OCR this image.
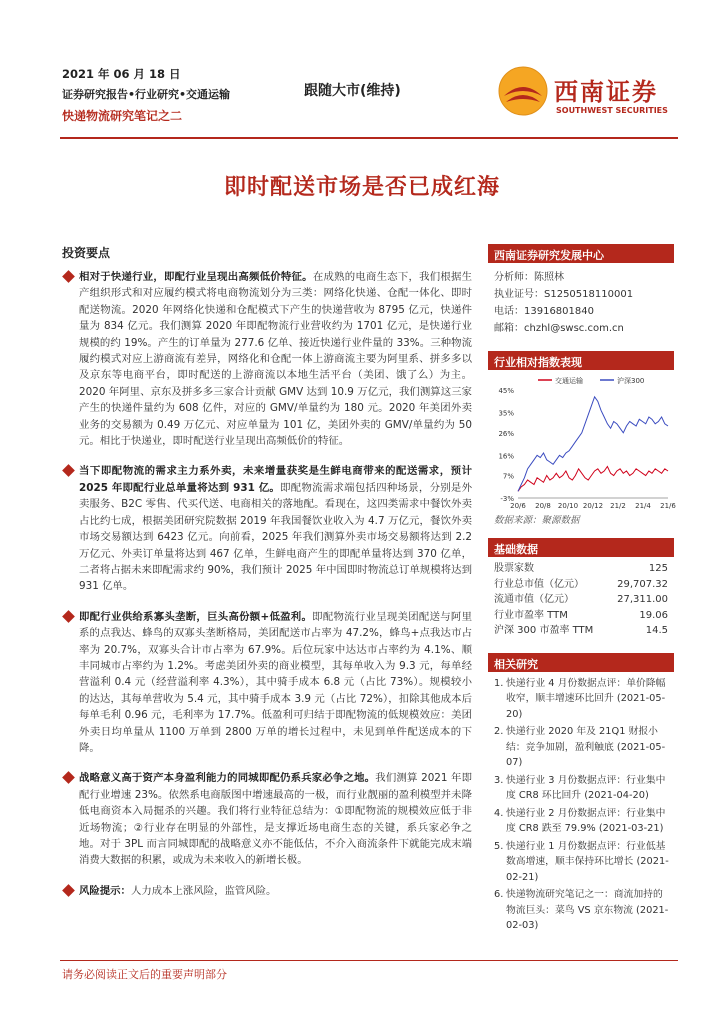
2021 年 06 月 18 日
证券研究报告•行业研究•交通运输
快递物流研究笔记之二
跟随大市(维持)	西南证券
SOUTHWEST SECURITIES
即时配送市场是否已成红海
投资要点
相对于快递行业，即配行业呈现出高频低价特征。在成熟的电商生态下，我们根据生产组织形式和对应履约模式将电商物流划分为三类：网络化快递、仓配一体化、即时配送物流。2020 年网络化快递和仓配模式下产生的快递营收为 8795 亿元，快递件量为 834 亿元。我们测算 2020 年即配物流行业营收约为 1701 亿元，是快递行业规模的约 19%。产生的订单量为 277.6 亿单、接近快递行业件量的 33%。三种物流履约模式对应上游商流有差异，网络化和仓配一体上游商流主要为阿里系、拼多多以及京东等电商平台，即时配送的上游商流以本地生活平台（美团、饿了么）为主。2020 年阿里、京东及拼多多三家合计贡献 GMV 达到 10.9 万亿元，我们测算这三家产生的快递件量约为 608 亿件，对应的 GMV/单量约为 180 元。2020 年美团外卖业务的交易额为 0.49 万亿元、对应单量为 101 亿，美团外卖的 GMV/单量约为 50 元。相比于快递业，即时配送行业呈现出高频低价的特征。
当下即配物流的需求主力系外卖，未来增量获奖是生鲜电商带来的配送需求，预计 2025 年即配行业总单量将达到 931 亿。即配物流需求端包括四种场景，分别是外卖服务、B2C 零售、代买代送、电商相关的落地配。看现在，这四类需求中餐饮外卖占比约七成，根据美团研究院数据 2019 年我国餐饮业收入为 4.7 万亿元，餐饮外卖市场交易额达到 6423 亿元。向前看，2025 年我们测算外卖市场交易额将达到 2.2 万亿元、外卖订单量将达到 467 亿单，生鲜电商产生的即配单量将达到 370 亿单，二者将占据未来即配需求约 90%，我们预计 2025 年中国即时物流总订单规模将达到 931 亿单。
即配行业供给系寡头垄断，巨头高份额+低盈利。即配物流行业呈现美团配送与阿里系的点我达、蜂鸟的双寡头垄断格局，美团配送市占率为 47.2%，蜂鸟+点我达市占率为 20.7%，双寡头合计市占率为 67.9%。后位玩家中达达市占率约为 4.1%、顺丰同城市占率约为 1.2%。考虑美团外卖的商业模型，其每单收入为 9.3 元，每单经营溢利 0.4 元（经营溢利率 4.3%），其中骑手成本 6.8 元（占比 73%）。规模较小的达达，其每单营收为 5.4 元，其中骑手成本 3.9 元（占比 72%），扣除其他成本后每单毛利 0.96 元，毛利率为 17.7%。低盈利可归结于即配物流的低规模效应：美团外卖日均单量从 1100 万单到 2800 万单的增长过程中，未见到单件配送成本的下降。
战略意义高于资产本身盈利能力的同城即配仍系兵家必争之地。我们测算 2021 年即配行业增速 23%。依然系电商版图中增速最高的一极，而行业靓丽的盈利模型并未降低电商资本入局掘杀的兴趣。我们将行业特征总结为：①即配物流的规模效应低于非近场物流；②行业存在明显的外部性，是支撑近场电商生态的关键，系兵家必争之地。对于 3PL 而言同城即配的战略意义亦不能低估，不介入商流条件下就能完成末端消费大数据的积累，或成为未来收入的新增长极。
风险提示：人力成本上涨风险，监管风险。
西南证券研究发展中心
分析师：陈照林
执业证号：S1250518110001
电话：13916801840
邮箱：chzhl@swsc.com.cn
行业相对指数表现
-3%
7%
16%
26%
35%
45%
20/6 20/8 20/10 20/12 21/2 21/4 21/6
交通运输	沪深300
数据来源：聚源数据
基础数据
股票家数	125
行业总市值（亿元）	29,707.32
流通市值（亿元）	27,311.00
行业市盈率 TTM	19.06
沪深 300 市盈率 TTM	14.5
相关研究
1. 快递行业 4 月份数据点评：单价降幅收窄，顺丰增速环比回升 (2021-05-20)
2. 快递行业 2020 年及 21Q1 财报小结：竞争加剧，盈利触底 (2021-05-07)
3. 快递行业 3 月份数据点评：行业集中度 CR8 环比回升 (2021-04-20)
4. 快递行业 2 月份数据点评：行业集中度 CR8 跌至 79.9% (2021-03-21)
5. 快递行业 1 月份数据点评：行业低基数高增速，顺丰保持环比增长 (2021-02-21)
6. 快递物流研究笔记之一：商流加持的物流巨头：菜鸟 VS 京东物流 (2021-02-03)
请务必阅读正文后的重要声明部分
